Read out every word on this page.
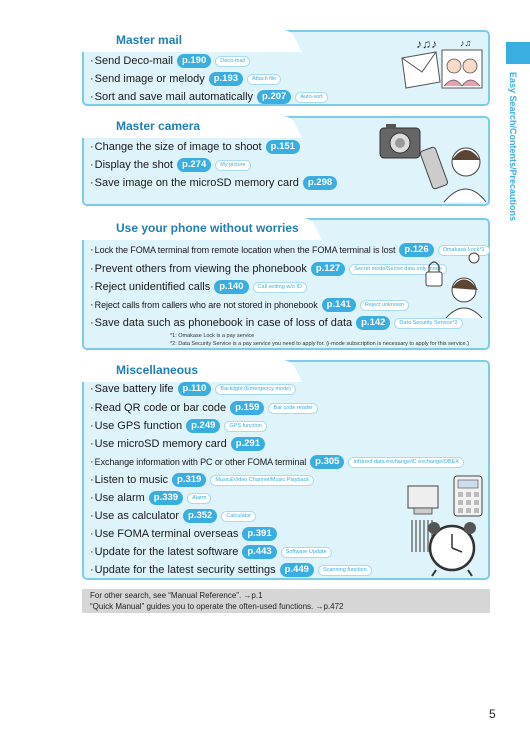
Easy Search/Contents/Precautions
Master mail
· Send Deco-mail p.190	Deco-mail
· Send image or melody p.193	Attach file
· Sort and save mail automatically p.207	Auto-sort
♪♫♪	♪♫
Master camera
· Change the size of image to shoot p.151
· Display the shot p.274	My picture
· Save image on the microSD memory card p.298
Use your phone without worries
· Lock the FOMA terminal from remote location when the FOMA terminal is lost p.126	Omakase Lock*1
· Prevent others from viewing the phonebook p.127	Secret mode/Secret data only mode
· Reject unidentified calls p.140	Call setting w/o ID
· Reject calls from callers who are not stored in phonebook p.141	Reject unknown
· Save data such as phonebook in case of loss of data p.142	Data Security Service*2
*1: Omakase Lock is a pay service
*2: Data Security Service is a pay service you need to apply for. (i-mode subscription is necessary to apply for this service.)
Miscellaneous
· Save battery life p.110	Backlight (Emergency mode)
· Read QR code or bar code p.159	Bar code reader
· Use GPS function p.249	GPS function
· Use microSD memory card p.291
· Exchange information with PC or other FOMA terminal p.305	Infrared data exchange/iC exchange/OBEX
· Listen to music p.319	Music&Video Channel/Music Playback
· Use alarm p.339	Alarm
· Use as calculator p.352	Calculator
· Use FOMA terminal overseas p.391
· Update for the latest software p.443	Software Update
· Update for the latest security settings p.449	Scanning function
For other search, see “Manual Reference”. →p.1
“Quick Manual” guides you to operate the often-used functions. →p.472
5
